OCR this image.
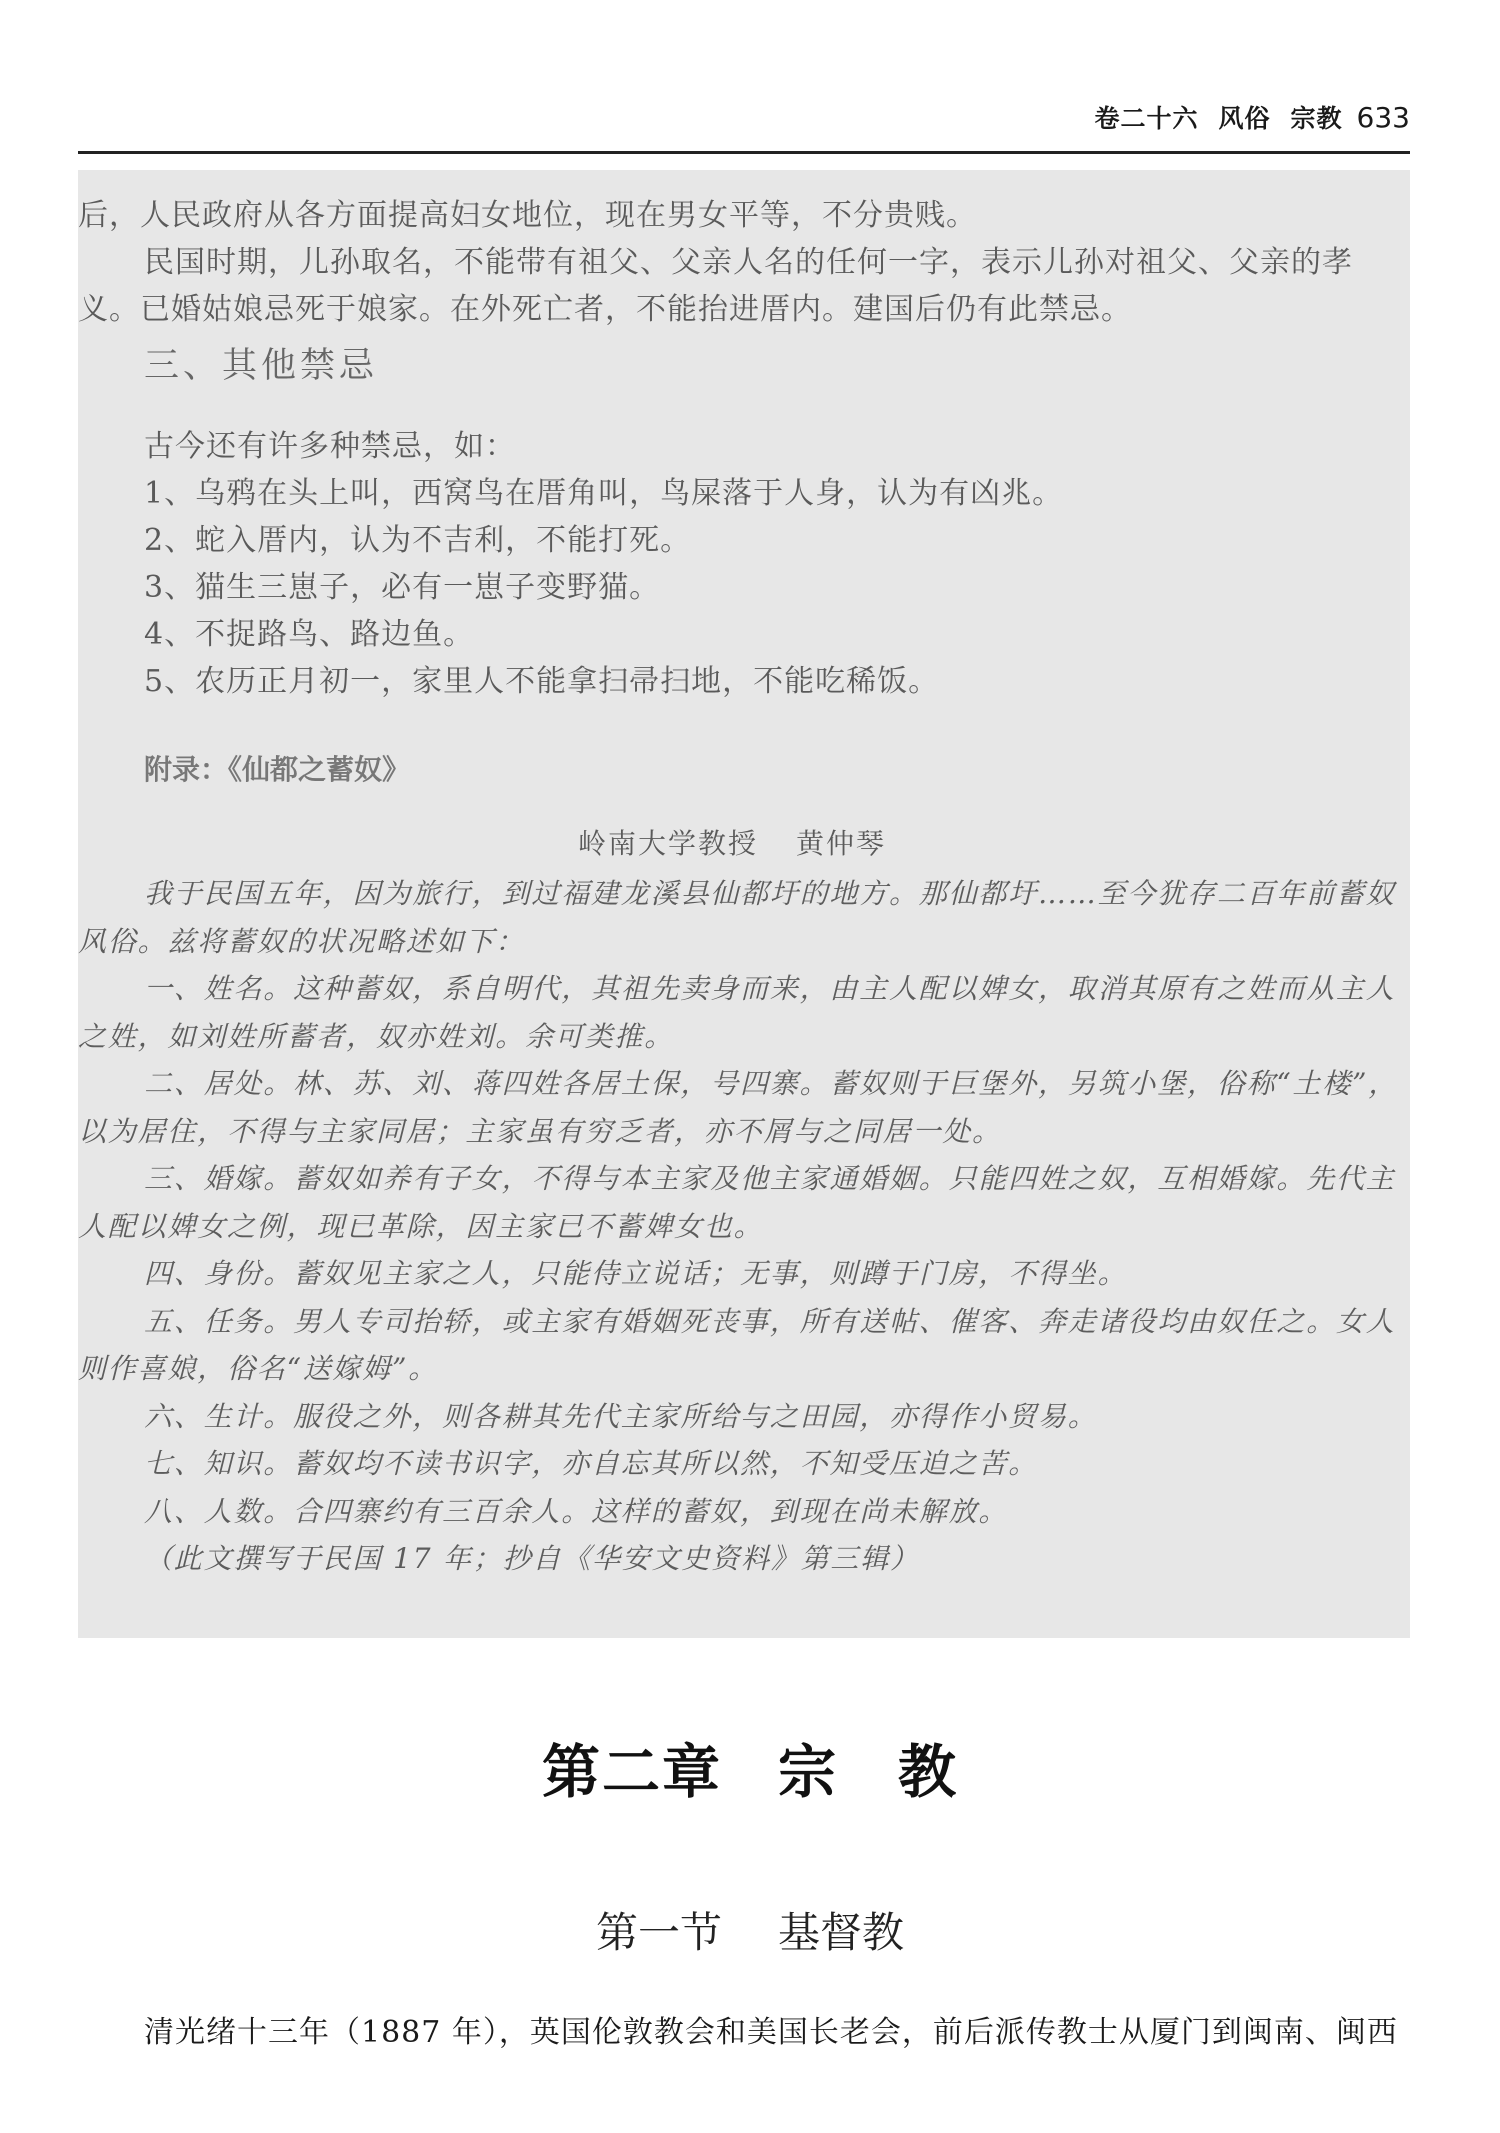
卷二十六 风俗 宗教 633

后，人民政府从各方面提高妇女地位，现在男女平等，不分贵贱。

民国时期，儿孙取名，不能带有祖父、父亲人名的任何一字，表示儿孙对祖父、父亲的孝义。已婚姑娘忌死于娘家。在外死亡者，不能抬进厝内。建国后仍有此禁忌。

三、其他禁忌

古今还有许多种禁忌，如：

1、乌鸦在头上叫，西窝鸟在厝角叫，鸟屎落于人身，认为有凶兆。

2、蛇入厝内，认为不吉利，不能打死。

3、猫生三崽子，必有一崽子变野猫。

4、不捉路鸟、路边鱼。

5、农历正月初一，家里人不能拿扫帚扫地，不能吃稀饭。

附录：《仙都之蓄奴》
岭南大学教授 黄仲琴

我于民国五年，因为旅行，到过福建龙溪县仙都圩的地方。那仙都圩……至今犹存二百年前蓄奴风俗。兹将蓄奴的状况略述如下：

一、姓名。这种蓄奴，系自明代，其祖先卖身而来，由主人配以婢女，取消其原有之姓而从主人之姓，如刘姓所蓄者，奴亦姓刘。余可类推。

二、居处。林、苏、刘、蒋四姓各居土保，号四寨。蓄奴则于巨堡外，另筑小堡，俗称“土楼”，以为居住，不得与主家同居；主家虽有穷乏者，亦不屑与之同居一处。

三、婚嫁。蓄奴如养有子女，不得与本主家及他主家通婚姻。只能四姓之奴，互相婚嫁。先代主人配以婢女之例，现已革除，因主家已不蓄婢女也。

四、身份。蓄奴见主家之人，只能侍立说话；无事，则蹲于门房，不得坐。

五、任务。男人专司抬轿，或主家有婚姻死丧事，所有送帖、催客、奔走诸役均由奴任之。女人则作喜娘，俗名“送嫁姆”。

六、生计。服役之外，则各耕其先代主家所给与之田园，亦得作小贸易。

七、知识。蓄奴均不读书识字，亦自忘其所以然，不知受压迫之苦。

八、人数。合四寨约有三百余人。这样的蓄奴，到现在尚未解放。

（此文撰写于民国 17 年；抄自《华安文史资料》第三辑）

第二章 宗　教
第一节 基督教
清光绪十三年（1887 年），英国伦敦教会和美国长老会，前后派传教士从厦门到闽南、闽西
